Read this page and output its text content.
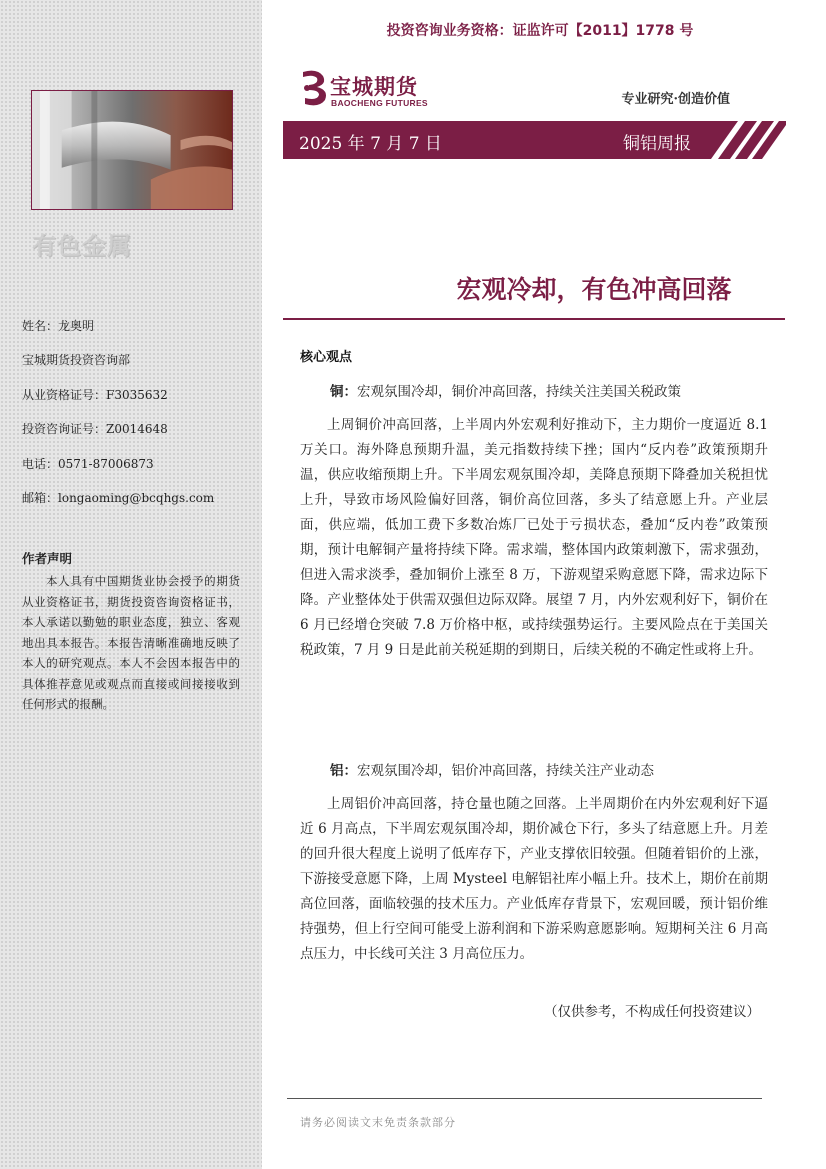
有色金属
姓名：龙奥明
宝城期货投资咨询部
从业资格证号：F3035632
投资咨询证号：Z0014648
电话：0571-87006873
邮箱：longaoming@bcqhgs.com
作者声明
本人具有中国期货业协会授予的期货从业资格证书，期货投资咨询资格证书，本人承诺以勤勉的职业态度，独立、客观地出具本报告。本报告清晰准确地反映了本人的研究观点。本人不会因本报告中的具体推荐意见或观点而直接或间接接收到任何形式的报酬。
投资咨询业务资格：证监许可【2011】1778 号
宝城期货
BAOCHENG FUTURES	专业研究·创造价值
2025 年 7 月 7 日	铜铝周报
宏观冷却，有色冲高回落
核心观点
铜：宏观氛围冷却，铜价冲高回落，持续关注美国关税政策
上周铜价冲高回落，上半周内外宏观利好推动下，主力期价一度逼近 8.1 万关口。海外降息预期升温，美元指数持续下挫；国内“反内卷”政策预期升温，供应收缩预期上升。下半周宏观氛围冷却，美降息预期下降叠加关税担忧上升，导致市场风险偏好回落，铜价高位回落，多头了结意愿上升。产业层面，供应端，低加工费下多数冶炼厂已处于亏损状态，叠加“反内卷”政策预期，预计电解铜产量将持续下降。需求端，整体国内政策刺激下，需求强劲，但进入需求淡季，叠加铜价上涨至 8 万，下游观望采购意愿下降，需求边际下降。产业整体处于供需双强但边际双降。展望 7 月，内外宏观利好下，铜价在 6 月已经增仓突破 7.8 万价格中枢，或持续强势运行。主要风险点在于美国关税政策，7 月 9 日是此前关税延期的到期日，后续关税的不确定性或将上升。
铝：宏观氛围冷却，铝价冲高回落，持续关注产业动态
上周铝价冲高回落，持仓量也随之回落。上半周期价在内外宏观利好下逼近 6 月高点，下半周宏观氛围冷却，期价减仓下行，多头了结意愿上升。月差的回升很大程度上说明了低库存下，产业支撑依旧较强。但随着铝价的上涨，下游接受意愿下降，上周 Mysteel 电解铝社库小幅上升。技术上，期价在前期高位回落，面临较强的技术压力。产业低库存背景下，宏观回暖，预计铝价维持强势，但上行空间可能受上游利润和下游采购意愿影响。短期柯关注 6 月高点压力，中长线可关注 3 月高位压力。
（仅供参考，不构成任何投资建议）
请务必阅读文末免责条款部分
